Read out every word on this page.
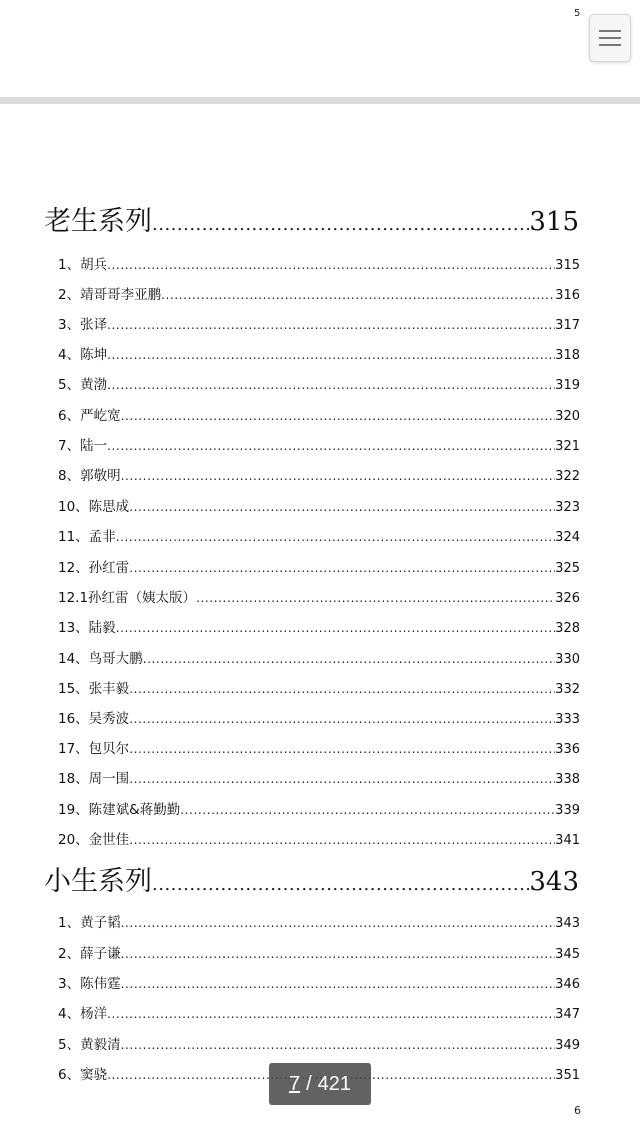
5
老生系列 .....	315
1、胡兵 .....	315
2、靖哥哥李亚鹏 .....	316
3、张译 .....	317
4、陈坤 .....	318
5、黄渤 .....	319
6、严屹宽 .....	320
7、陆一 .....	321
8、郭敬明 .....	322
10、陈思成 .....	323
11、孟非 .....	324
12、孙红雷 .....	325
12.1孙红雷（姨太版） .....	326
13、陆毅 .....	328
14、鸟哥大鹏 .....	330
15、张丰毅 .....	332
16、吴秀波 .....	333
17、包贝尔 .....	336
18、周一围 .....	338
19、陈建斌&蒋勤勤 .....	339
20、金世佳 .....	341
小生系列 .....	343
1、黄子韬 .....	343
2、薛子谦 .....	345
3、陈伟霆 .....	346
4、杨洋 .....	347
5、黄毅清 .....	349
6、窦骁 .....	351
7 / 421
6
